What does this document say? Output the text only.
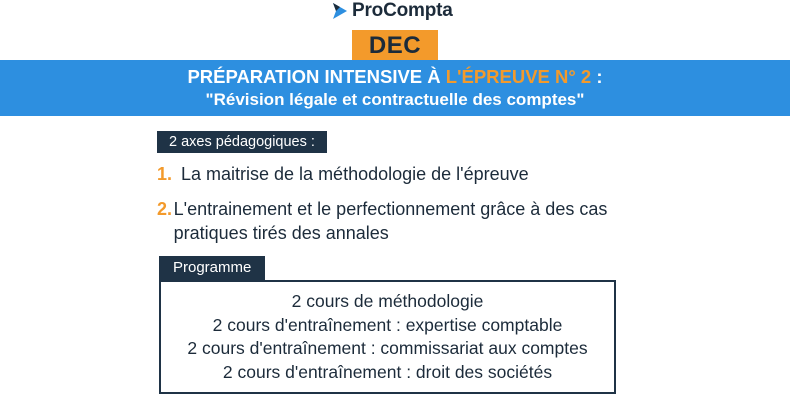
ProCompta
DEC
PRÉPARATION INTENSIVE À L'ÉPREUVE N° 2 :
"Révision légale et contractuelle des comptes"
2 axes pédagogiques :
1. La maitrise de la méthodologie de l'épreuve
2. L'entrainement et le perfectionnement grâce à des cas pratiques tirés des annales
Programme
2 cours de méthodologie
2 cours d'entraînement : expertise comptable
2 cours d'entraînement : commissariat aux comptes
2 cours d'entraînement : droit des sociétés
